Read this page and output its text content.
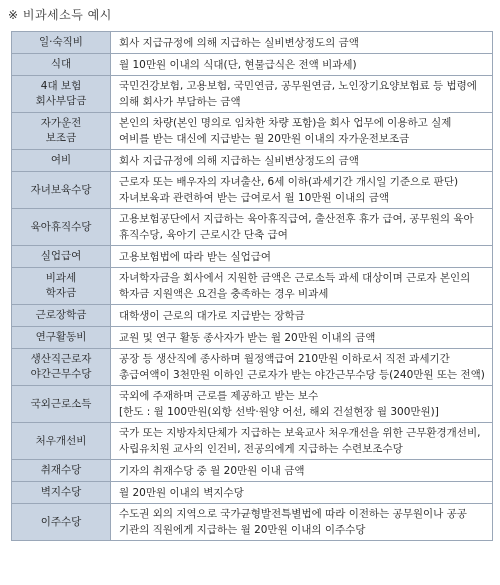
※ 비과세소득 예시
일·숙직비	회사 지급규정에 의해 지급하는 실비변상정도의 금액

식대	월 10만원 이내의 식대(단, 현물급식은 전액 비과세)

4대 보험
회사부담금	국민건강보험, 고용보험, 국민연금, 공무원연금, 노인장기요양보험료 등 법령에
의해 회사가 부담하는 금액

자가운전
보조금	본인의 차량(본인 명의로 임차한 차량 포함)을 회사 업무에 이용하고 실제
여비를 받는 대신에 지급받는 월 20만원 이내의 자가운전보조금

여비	회사 지급규정에 의해 지급하는 실비변상정도의 금액

자녀보육수당	근로자 또는 배우자의 자녀출산, 6세 이하(과세기간 개시일 기준으로 판단)
자녀보육과 관련하여 받는 급여로서 월 10만원 이내의 금액

육아휴직수당	고용보험공단에서 지급하는 육아휴직급여, 출산전후 휴가 급여, 공무원의 육아
휴직수당, 육아기 근로시간 단축 급여

실업급여	고용보험법에 따라 받는 실업급여

비과세
학자금	자녀학자금을 회사에서 지원한 금액은 근로소득 과세 대상이며 근로자 본인의
학자금 지원액은 요건을 충족하는 경우 비과세

근로장학금	대학생이 근로의 대가로 지급받는 장학금

연구활동비	교원 및 연구 활동 종사자가 받는 월 20만원 이내의 금액

생산직근로자
야간근무수당	공장 등 생산직에 종사하며 월정액급여 210만원 이하로서 직전 과세기간
총급여액이 3천만원 이하인 근로자가 받는 야간근무수당 등(240만원 또는 전액)

국외근로소득	국외에 주재하며 근로를 제공하고 받는 보수
[한도 : 월 100만원(외항 선박·원양 어선, 해외 건설현장 월 300만원)]

처우개선비	국가 또는 지방자치단체가 지급하는 보육교사 처우개선을 위한 근무환경개선비,
사립유치원 교사의 인건비, 전공의에게 지급하는 수련보조수당

취재수당	기자의 취재수당 중 월 20만원 이내 금액

벽지수당	월 20만원 이내의 벽지수당

이주수당	수도권 외의 지역으로 국가균형발전특별법에 따라 이전하는 공무원이나 공공
기관의 직원에게 지급하는 월 20만원 이내의 이주수당
